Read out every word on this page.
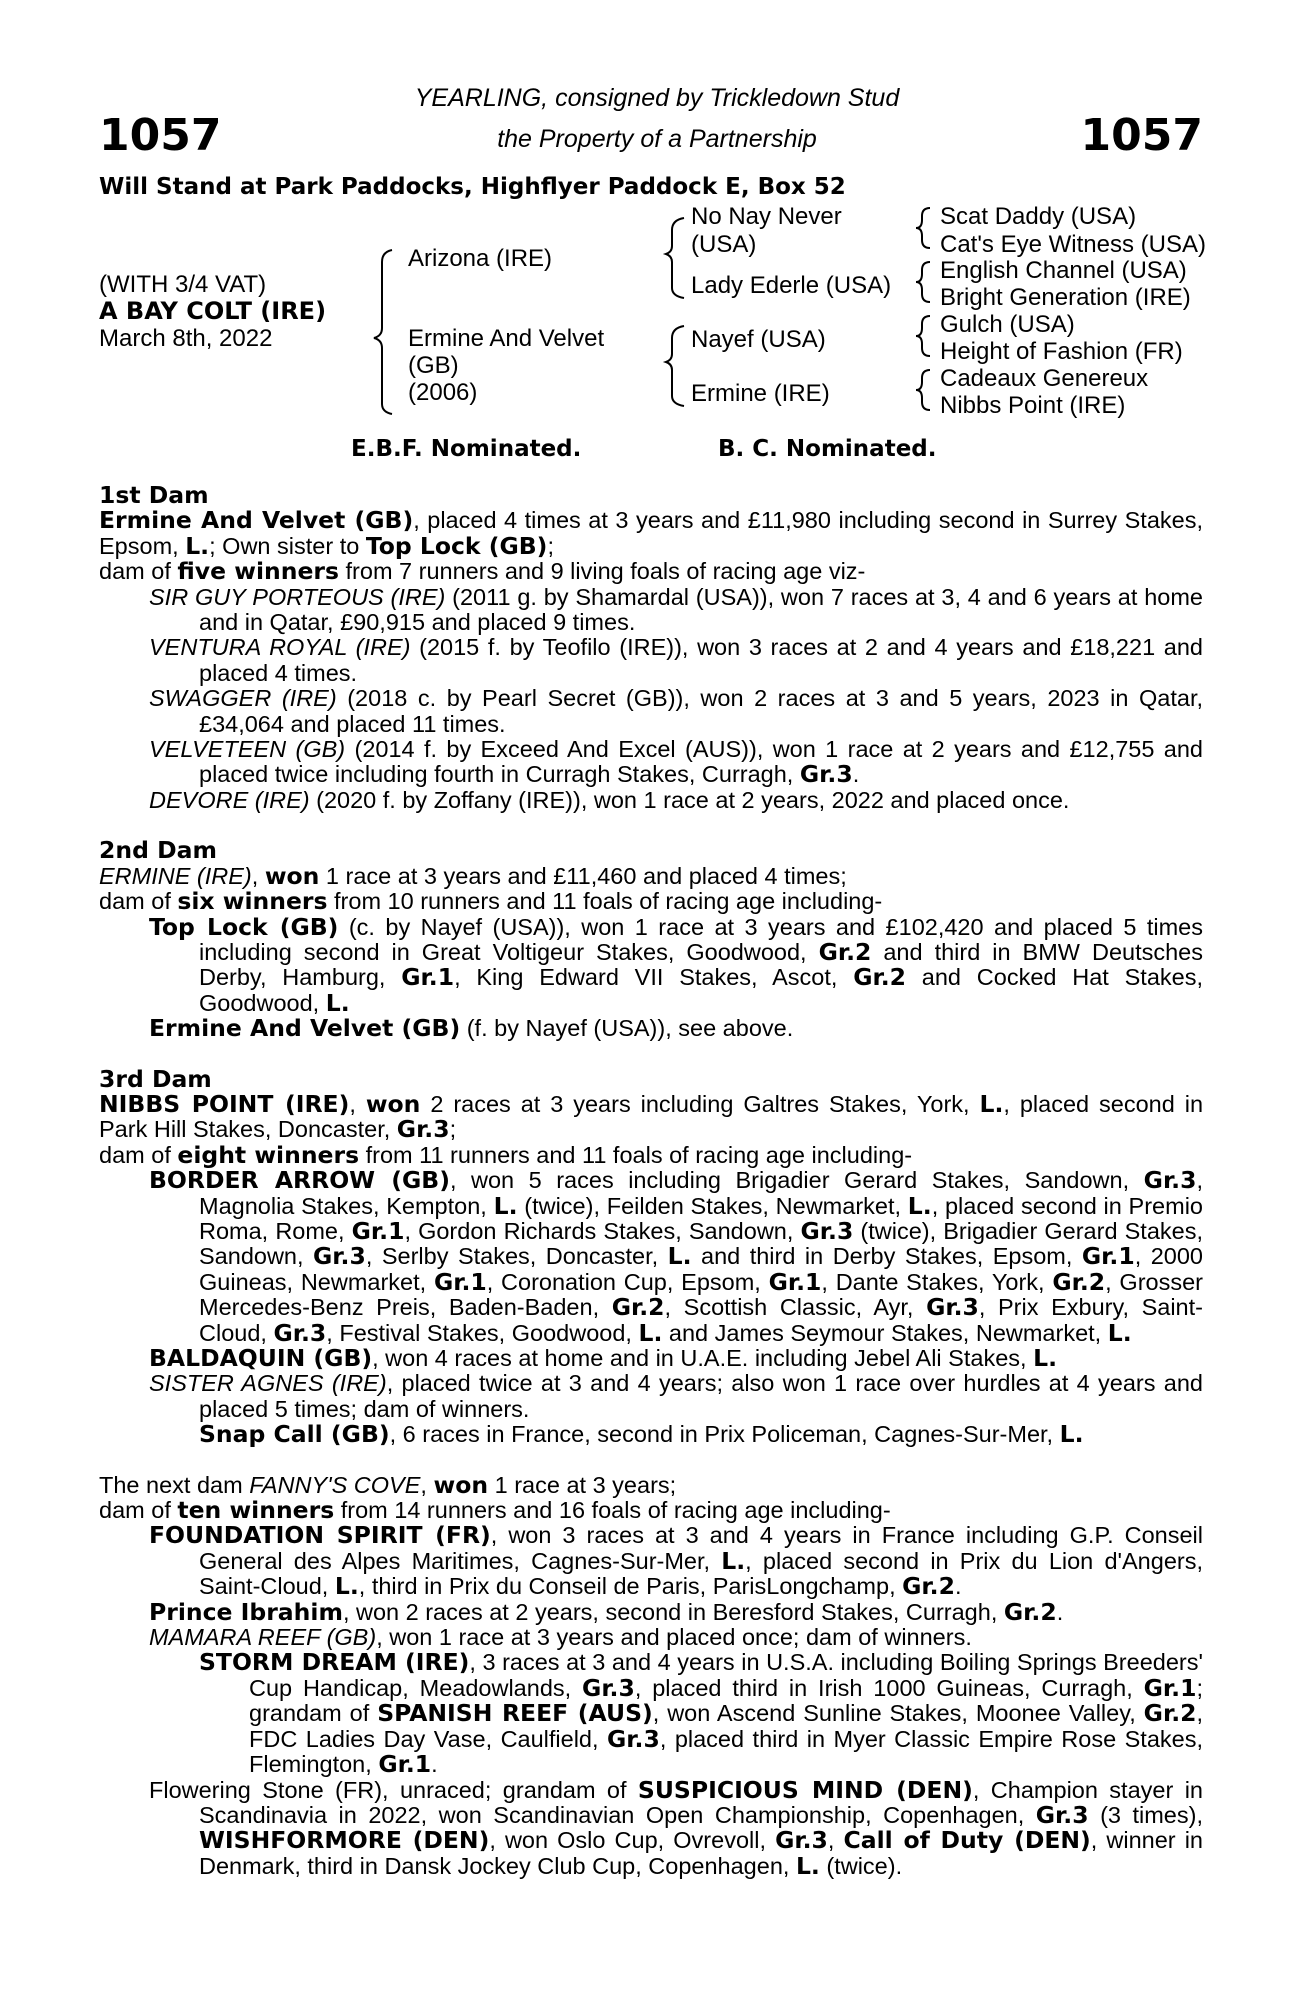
1057	1057
YEARLING, consigned by Trickledown Stud
the Property of a Partnership
Will Stand at Park Paddocks, Highflyer Paddock E, Box 52
(WITH 3/4 VAT)
A BAY COLT (IRE)
March 8th, 2022
Arizona (IRE)
Ermine And Velvet
(GB)
(2006)
No Nay Never
(USA)
Lady Ederle (USA)
Nayef (USA)
Ermine (IRE)
Scat Daddy (USA)
Cat's Eye Witness (USA)
English Channel (USA)
Bright Generation (IRE)
Gulch (USA)
Height of Fashion (FR)
Cadeaux Genereux
Nibbs Point (IRE)
E.B.F. Nominated.	B. C. Nominated.
1st Dam
Ermine And Velvet (GB), placed 4 times at 3 years and £11,980 including second in Surrey Stakes, Epsom, L.; Own sister to Top Lock (GB);
dam of five winners from 7 runners and 9 living foals of racing age viz-
SIR GUY PORTEOUS (IRE) (2011 g. by Shamardal (USA)), won 7 races at 3, 4 and 6 years at home and in Qatar, £90,915 and placed 9 times.
VENTURA ROYAL (IRE) (2015 f. by Teofilo (IRE)), won 3 races at 2 and 4 years and £18,221 and placed 4 times.
SWAGGER (IRE) (2018 c. by Pearl Secret (GB)), won 2 races at 3 and 5 years, 2023 in Qatar, £34,064 and placed 11 times.
VELVETEEN (GB) (2014 f. by Exceed And Excel (AUS)), won 1 race at 2 years and £12,755 and placed twice including fourth in Curragh Stakes, Curragh, Gr.3.
DEVORE (IRE) (2020 f. by Zoffany (IRE)), won 1 race at 2 years, 2022 and placed once.
2nd Dam
ERMINE (IRE), won 1 race at 3 years and £11,460 and placed 4 times;
dam of six winners from 10 runners and 11 foals of racing age including-
Top Lock (GB) (c. by Nayef (USA)), won 1 race at 3 years and £102,420 and placed 5 times including second in Great Voltigeur Stakes, Goodwood, Gr.2 and third in BMW Deutsches Derby, Hamburg, Gr.1, King Edward VII Stakes, Ascot, Gr.2 and Cocked Hat Stakes, Goodwood, L.
Ermine And Velvet (GB) (f. by Nayef (USA)), see above.
3rd Dam
NIBBS POINT (IRE), won 2 races at 3 years including Galtres Stakes, York, L., placed second in Park Hill Stakes, Doncaster, Gr.3;
dam of eight winners from 11 runners and 11 foals of racing age including-
BORDER ARROW (GB), won 5 races including Brigadier Gerard Stakes, Sandown, Gr.3, Magnolia Stakes, Kempton, L. (twice), Feilden Stakes, Newmarket, L., placed second in Premio Roma, Rome, Gr.1, Gordon Richards Stakes, Sandown, Gr.3 (twice), Brigadier Gerard Stakes, Sandown, Gr.3, Serlby Stakes, Doncaster, L. and third in Derby Stakes, Epsom, Gr.1, 2000 Guineas, Newmarket, Gr.1, Coronation Cup, Epsom, Gr.1, Dante Stakes, York, Gr.2, Grosser Mercedes-Benz Preis, Baden-Baden, Gr.2, Scottish Classic, Ayr, Gr.3, Prix Exbury, Saint-Cloud, Gr.3, Festival Stakes, Goodwood, L. and James Seymour Stakes, Newmarket, L.
BALDAQUIN (GB), won 4 races at home and in U.A.E. including Jebel Ali Stakes, L.
SISTER AGNES (IRE), placed twice at 3 and 4 years; also won 1 race over hurdles at 4 years and placed 5 times; dam of winners.
Snap Call (GB), 6 races in France, second in Prix Policeman, Cagnes-Sur-Mer, L.
The next dam FANNY'S COVE, won 1 race at 3 years;
dam of ten winners from 14 runners and 16 foals of racing age including-
FOUNDATION SPIRIT (FR), won 3 races at 3 and 4 years in France including G.P. Conseil General des Alpes Maritimes, Cagnes-Sur-Mer, L., placed second in Prix du Lion d'Angers, Saint-Cloud, L., third in Prix du Conseil de Paris, ParisLongchamp, Gr.2.
Prince Ibrahim, won 2 races at 2 years, second in Beresford Stakes, Curragh, Gr.2.
MAMARA REEF (GB), won 1 race at 3 years and placed once; dam of winners.
STORM DREAM (IRE), 3 races at 3 and 4 years in U.S.A. including Boiling Springs Breeders' Cup Handicap, Meadowlands, Gr.3, placed third in Irish 1000 Guineas, Curragh, Gr.1; grandam of SPANISH REEF (AUS), won Ascend Sunline Stakes, Moonee Valley, Gr.2, FDC Ladies Day Vase, Caulfield, Gr.3, placed third in Myer Classic Empire Rose Stakes, Flemington, Gr.1.
Flowering Stone (FR), unraced; grandam of SUSPICIOUS MIND (DEN), Champion stayer in Scandinavia in 2022, won Scandinavian Open Championship, Copenhagen, Gr.3 (3 times), WISHFORMORE (DEN), won Oslo Cup, Ovrevoll, Gr.3, Call of Duty (DEN), winner in Denmark, third in Dansk Jockey Club Cup, Copenhagen, L. (twice).
